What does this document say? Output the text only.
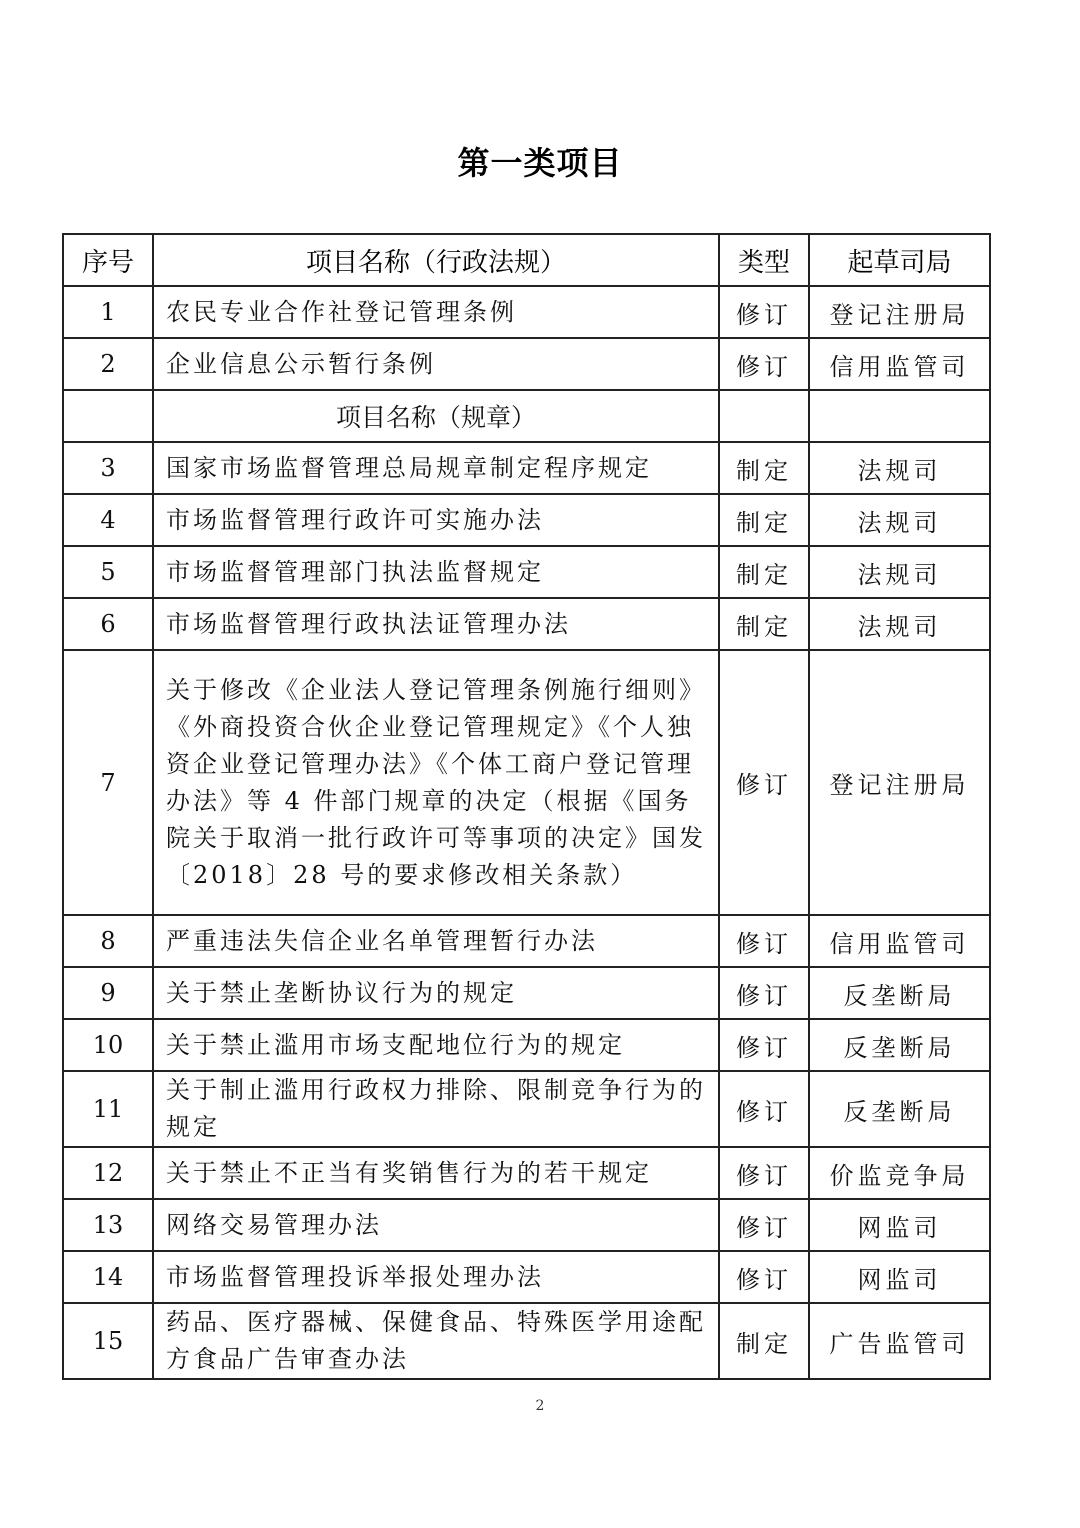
第一类项目
序号	项目名称（行政法规）	类型	起草司局
1	农民专业合作社登记管理条例	修订	登记注册局
2	企业信息公示暂行条例	修订	信用监管司
	项目名称（规章）		
3	国家市场监督管理总局规章制定程序规定	制定	法规司
4	市场监督管理行政许可实施办法	制定	法规司
5	市场监督管理部门执法监督规定	制定	法规司
6	市场监督管理行政执法证管理办法	制定	法规司
7	关于修改《企业法人登记管理条例施行细则》《外商投资合伙企业登记管理规定》《个人独资企业登记管理办法》《个体工商户登记管理办法》等 4 件部门规章的决定（根据《国务院关于取消一批行政许可等事项的决定》国发〔2018〕28 号的要求修改相关条款）	修订	登记注册局
8	严重违法失信企业名单管理暂行办法	修订	信用监管司
9	关于禁止垄断协议行为的规定	修订	反垄断局
10	关于禁止滥用市场支配地位行为的规定	修订	反垄断局
11	关于制止滥用行政权力排除、限制竞争行为的规定	修订	反垄断局
12	关于禁止不正当有奖销售行为的若干规定	修订	价监竞争局
13	网络交易管理办法	修订	网监司
14	市场监督管理投诉举报处理办法	修订	网监司
15	药品、医疗器械、保健食品、特殊医学用途配方食品广告审查办法	制定	广告监管司
2
